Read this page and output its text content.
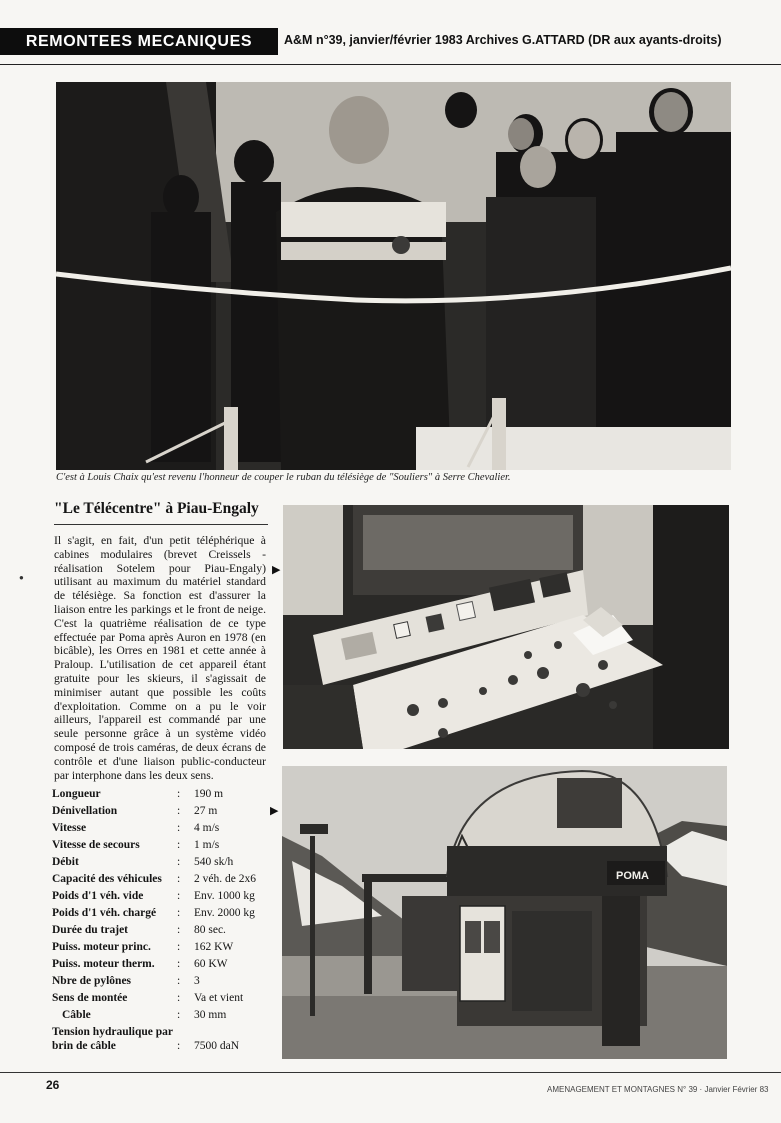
REMONTEES MECANIQUES	A&M n°39, janvier/février 1983 Archives G.ATTARD (DR aux ayants-droits)
C'est à Louis Chaix qu'est revenu l'honneur de couper le ruban du télésiège de "Souliers" à Serre Chevalier.
"Le Télécentre" à Piau-Engaly

Il s'agit, en fait, d'un petit téléphérique à cabines modulaires (brevet Creissels - réalisation Sotelem pour Piau-Engaly) utilisant au maximum du matériel standard de télésiège. Sa fonction est d'assurer la liaison entre les parkings et le front de neige. C'est la quatrième réalisation de ce type effectuée par Poma après Auron en 1978 (en bicâble), les Orres en 1981 et cette année à Praloup. L'utilisation de cet appareil étant gratuite pour les skieurs, il s'agissait de minimiser autant que possible les coûts d'exploitation. Comme on a pu le voir ailleurs, l'appareil est commandé par une seule personne grâce à un système vidéo composé de trois caméras, de deux écrans de contrôle et d'une liaison public-conducteur par interphone dans les deux sens.

●
▶
▶
POMA
Longueur	:	190 m
Dénivellation	:	27 m
Vitesse	:	4 m/s
Vitesse de secours	:	1 m/s
Débit	:	540 sk/h
Capacité des véhicules	:	2 véh. de 2x6
Poids d'1 véh. vide	:	Env. 1000 kg
Poids d'1 véh. chargé	:	Env. 2000 kg
Durée du trajet	:	80 sec.
Puiss. moteur princ.	:	162 KW
Puiss. moteur therm.	:	60 KW
Nbre de pylônes	:	3
Sens de montée	:	Va et vient
Câble	:	30 mm
Tension hydraulique par brin de câble	:	7500 daN
26	AMENAGEMENT ET MONTAGNES N° 39 · Janvier Février 83
